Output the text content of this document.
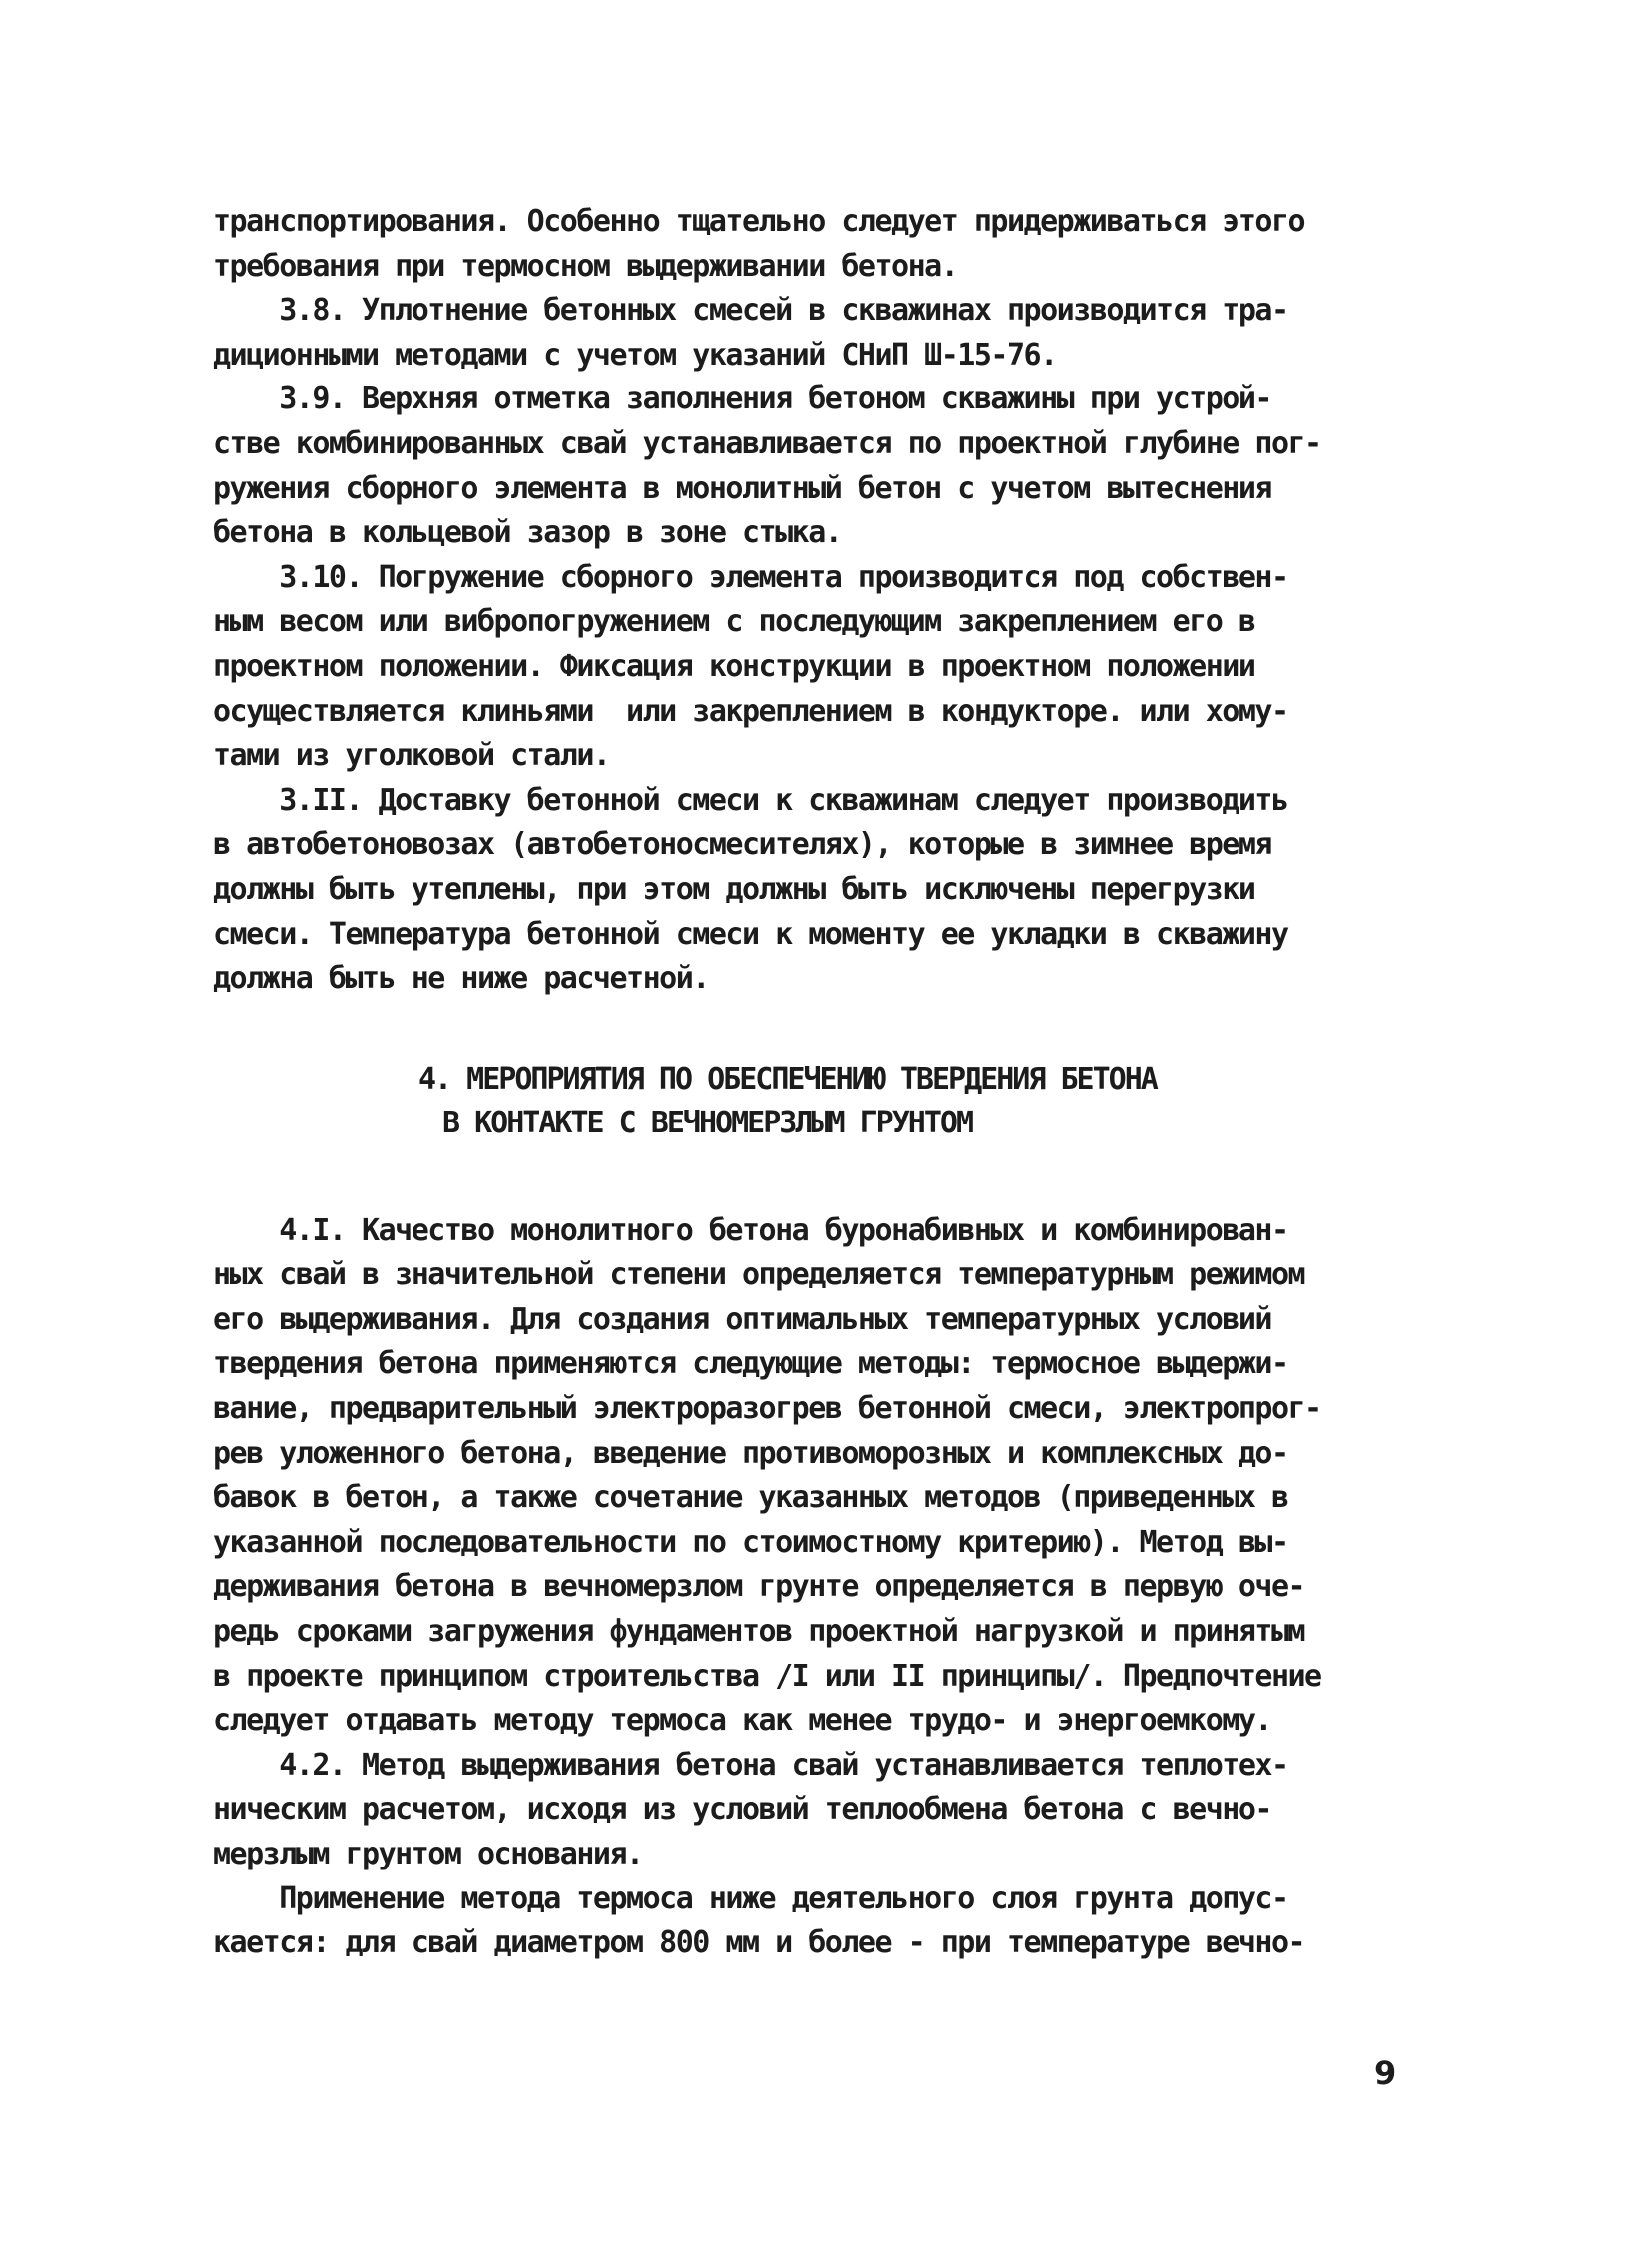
транспортирования. Особенно тщательно следует придерживаться этого
требования при термосном выдерживании бетона.
3.8. Уплотнение бетонных смесей в скважинах производится тра-
диционными методами с учетом указаний СНиП Ш-15-76.
3.9. Верхняя отметка заполнения бетоном скважины при устрой-
стве комбинированных свай устанавливается по проектной глубине пог-
ружения сборного элемента в монолитный бетон с учетом вытеснения
бетона в кольцевой зазор в зоне стыка.
3.10. Погружение сборного элемента производится под собствен-
ным весом или вибропогружением с последующим закреплением его в
проектном положении. Фиксация конструкции в проектном положении
осуществляется клиньями  или закреплением в кондукторе. или хому-
тами из уголковой стали.
3.II. Доставку бетонной смеси к скважинам следует производить
в автобетоновозах (автобетоносмесителях), которые в зимнее время
должны быть утеплены, при этом должны быть исключены перегрузки
смеси. Температура бетонной смеси к моменту ее укладки в скважину
должна быть не ниже расчетной.
4. МЕРОПРИЯТИЯ ПО ОБЕСПЕЧЕНИЮ ТВЕРДЕНИЯ БЕТОНА
В КОНТАКТЕ С ВЕЧНОМЕРЗЛЫМ ГРУНТОМ
4.I. Качество монолитного бетона буронабивных и комбинирован-
ных свай в значительной степени определяется температурным режимом
его выдерживания. Для создания оптимальных температурных условий
твердения бетона применяются следующие методы: термосное выдержи-
вание, предварительный электроразогрев бетонной смеси, электропрог-
рев уложенного бетона, введение противоморозных и комплексных до-
бавок в бетон, а также сочетание указанных методов (приведенных в
указанной последовательности по стоимостному критерию). Метод вы-
держивания бетона в вечномерзлом грунте определяется в первую оче-
редь сроками загружения фундаментов проектной нагрузкой и принятым
в проекте принципом строительства /I или II принципы/. Предпочтение
следует отдавать методу термоса как менее трудо- и энергоемкому.
4.2. Метод выдерживания бетона свай устанавливается теплотех-
ническим расчетом, исходя из условий теплообмена бетона с вечно-
мерзлым грунтом основания.
Применение метода термоса ниже деятельного слоя грунта допус-
кается: для свай диаметром 800 мм и более - при температуре вечно-
9
